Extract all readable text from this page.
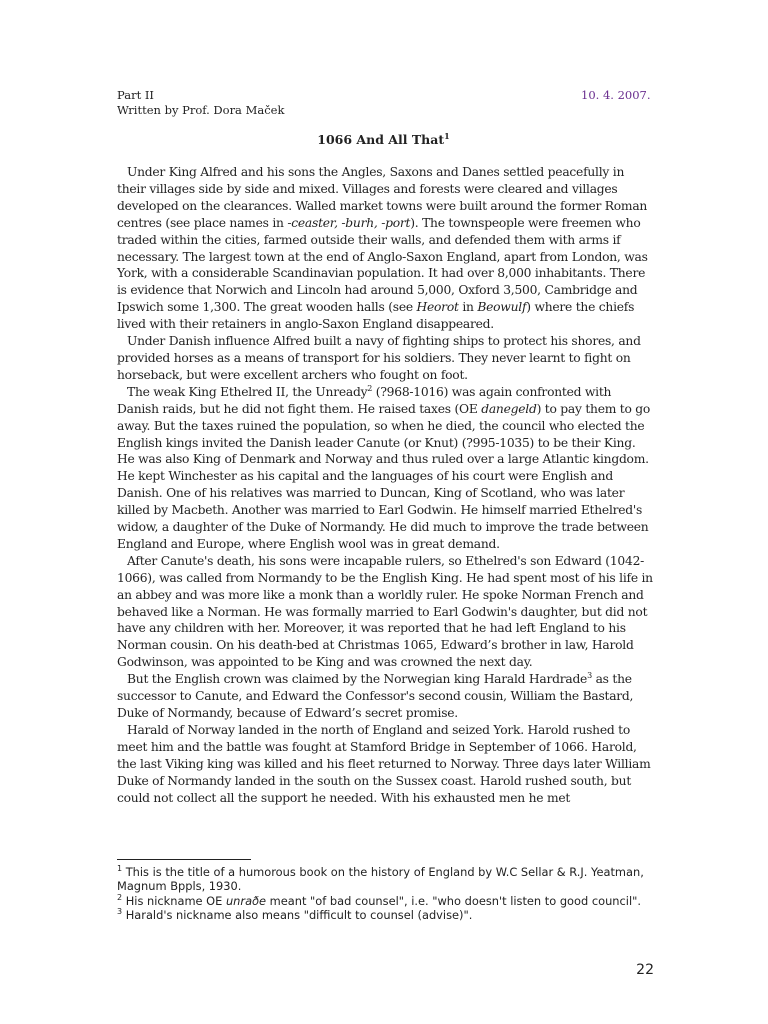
Part II
Written by Prof. Dora Maček
10. 4. 2007.
1066 And All That$^1$

Under King Alfred and his sons the Angles, Saxons and Danes settled peacefully in their villages side by side and mixed. Villages and forests were cleared and villages developed on the clearances. Walled market towns were built around the former Roman centres (see place names in -ceaster, -burh, -port). The townspeople were freemen who traded within the cities, farmed outside their walls, and defended them with arms if necessary. The largest town at the end of Anglo-Saxon England, apart from London, was York, with a considerable Scandinavian population. It had over 8,000 inhabitants. There is evidence that Norwich and Lincoln had around 5,000, Oxford 3,500, Cambridge and Ipswich some 1,300. The great wooden halls (see Heorot in Beowulf) where the chiefs lived with their retainers in anglo-Saxon England disappeared.

Under Danish influence Alfred built a navy of fighting ships to protect his shores, and provided horses as a means of transport for his soldiers. They never learnt to fight on horseback, but were excellent archers who fought on foot.

The weak King Ethelred II, the Unready$^2$ (?968-1016) was again confronted with Danish raids, but he did not fight them. He raised taxes (OE danegeld) to pay them to go away. But the taxes ruined the population, so when he died, the council who elected the English kings invited the Danish leader Canute (or Knut) (?995-1035) to be their King. He was also King of Denmark and Norway and thus ruled over a large Atlantic kingdom. He kept Winchester as his capital and the languages of his court were English and Danish. One of his relatives was married to Duncan, King of Scotland, who was later killed by Macbeth. Another was married to Earl Godwin. He himself married Ethelred's widow, a daughter of the Duke of Normandy. He did much to improve the trade between England and Europe, where English wool was in great demand.

After Canute's death, his sons were incapable rulers, so Ethelred's son Edward (1042-1066), was called from Normandy to be the English King. He had spent most of his life in an abbey and was more like a monk than a worldly ruler. He spoke Norman French and behaved like a Norman. He was formally married to Earl Godwin's daughter, but did not have any children with her. Moreover, it was reported that he had left England to his Norman cousin. On his death-bed at Christmas 1065, Edward’s brother in law, Harold Godwinson, was appointed to be King and was crowned the next day.

But the English crown was claimed by the Norwegian king Harald Hardrade$^3$ as the successor to Canute, and Edward the Confessor's second cousin, William the Bastard, Duke of Normandy, because of Edward’s secret promise.

Harald of Norway landed in the north of England and seized York. Harold rushed to meet him and the battle was fought at Stamford Bridge in September of 1066. Harold, the last Viking king was killed and his fleet returned to Norway. Three days later William Duke of Normandy landed in the south on the Sussex coast. Harold rushed south, but could not collect all the support he needed. With his exhausted men he met

$^1$ This is the title of a humorous book on the history of England by W.C Sellar & R.J. Yeatman, Magnum Bppls, 1930.
$^2$ His nickname OE unraðe meant "of bad counsel", i.e. "who doesn't listen to good council".
$^3$ Harald's nickname also means "difficult to counsel (advise)".
22
